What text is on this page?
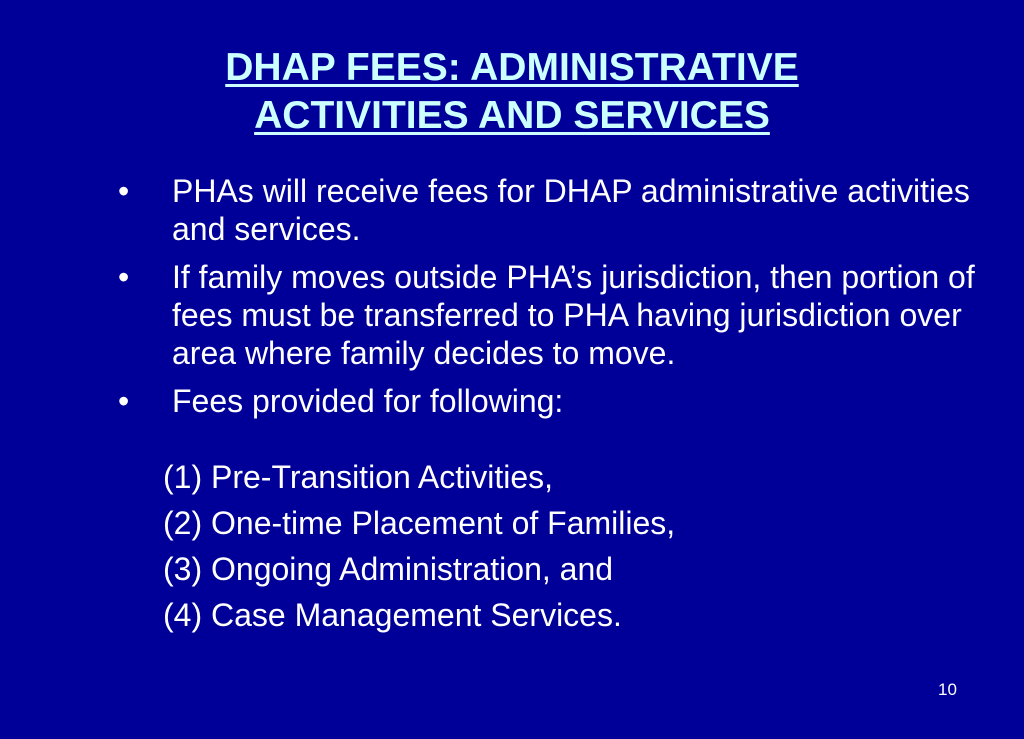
DHAP FEES: ADMINISTRATIVE
ACTIVITIES AND SERVICES
• PHAs will receive fees for DHAP administrative activities and services.
• If family moves outside PHA’s jurisdiction, then portion of fees must be transferred to PHA having jurisdiction over area where family decides to move.
• Fees provided for following:
(1) Pre-Transition Activities,
(2) One-time Placement of Families,
(3) Ongoing Administration, and
(4) Case Management Services.
10
